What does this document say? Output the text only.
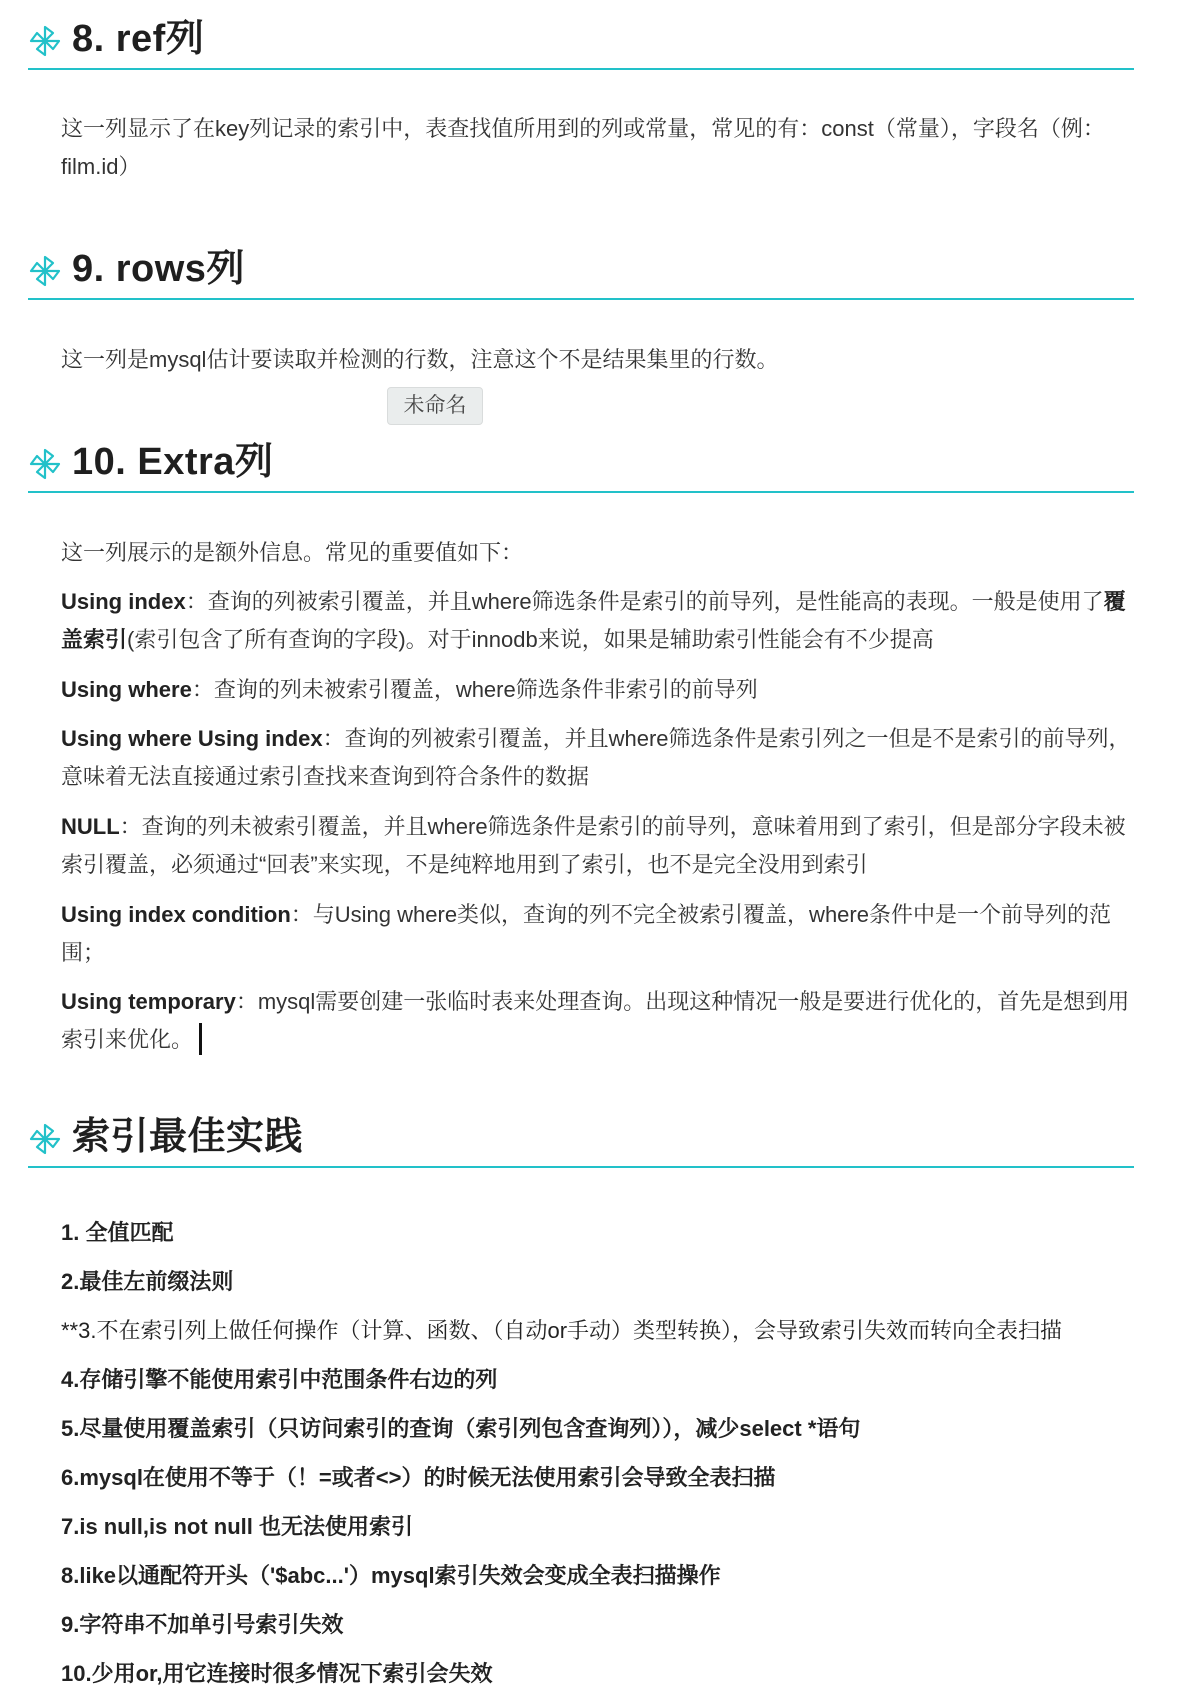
8. ref列

这一列显示了在key列记录的索引中，表查找值所用到的列或常量，常见的有：const（常量），字段名（例：film.id）

9. rows列

这一列是mysql估计要读取并检测的行数，注意这个不是结果集里的行数。

未命名
10. Extra列

这一列展示的是额外信息。常见的重要值如下：

Using index：查询的列被索引覆盖，并且where筛选条件是索引的前导列，是性能高的表现。一般是使用了覆盖索引(索引包含了所有查询的字段)。对于innodb来说，如果是辅助索引性能会有不少提高

Using where：查询的列未被索引覆盖，where筛选条件非索引的前导列

Using where Using index：查询的列被索引覆盖，并且where筛选条件是索引列之一但是不是索引的前导列，意味着无法直接通过索引查找来查询到符合条件的数据

NULL：查询的列未被索引覆盖，并且where筛选条件是索引的前导列，意味着用到了索引，但是部分字段未被索引覆盖，必须通过“回表”来实现，不是纯粹地用到了索引，也不是完全没用到索引

Using index condition：与Using where类似，查询的列不完全被索引覆盖，where条件中是一个前导列的范围；

Using temporary：mysql需要创建一张临时表来处理查询。出现这种情况一般是要进行优化的，首先是想到用索引来优化。

索引最佳实践
1. 全值匹配
2.最佳左前缀法则
**3.不在索引列上做任何操作（计算、函数、（自动or手动）类型转换），会导致索引失效而转向全表扫描
4.存储引擎不能使用索引中范围条件右边的列
5.尽量使用覆盖索引（只访问索引的查询（索引列包含查询列）），减少select *语句
6.mysql在使用不等于（！=或者<>）的时候无法使用索引会导致全表扫描
7.is null,is not null 也无法使用索引
8.like以通配符开头（'$abc...'）mysql索引失效会变成全表扫描操作
9.字符串不加单引号索引失效
10.少用or,用它连接时很多情况下索引会失效
